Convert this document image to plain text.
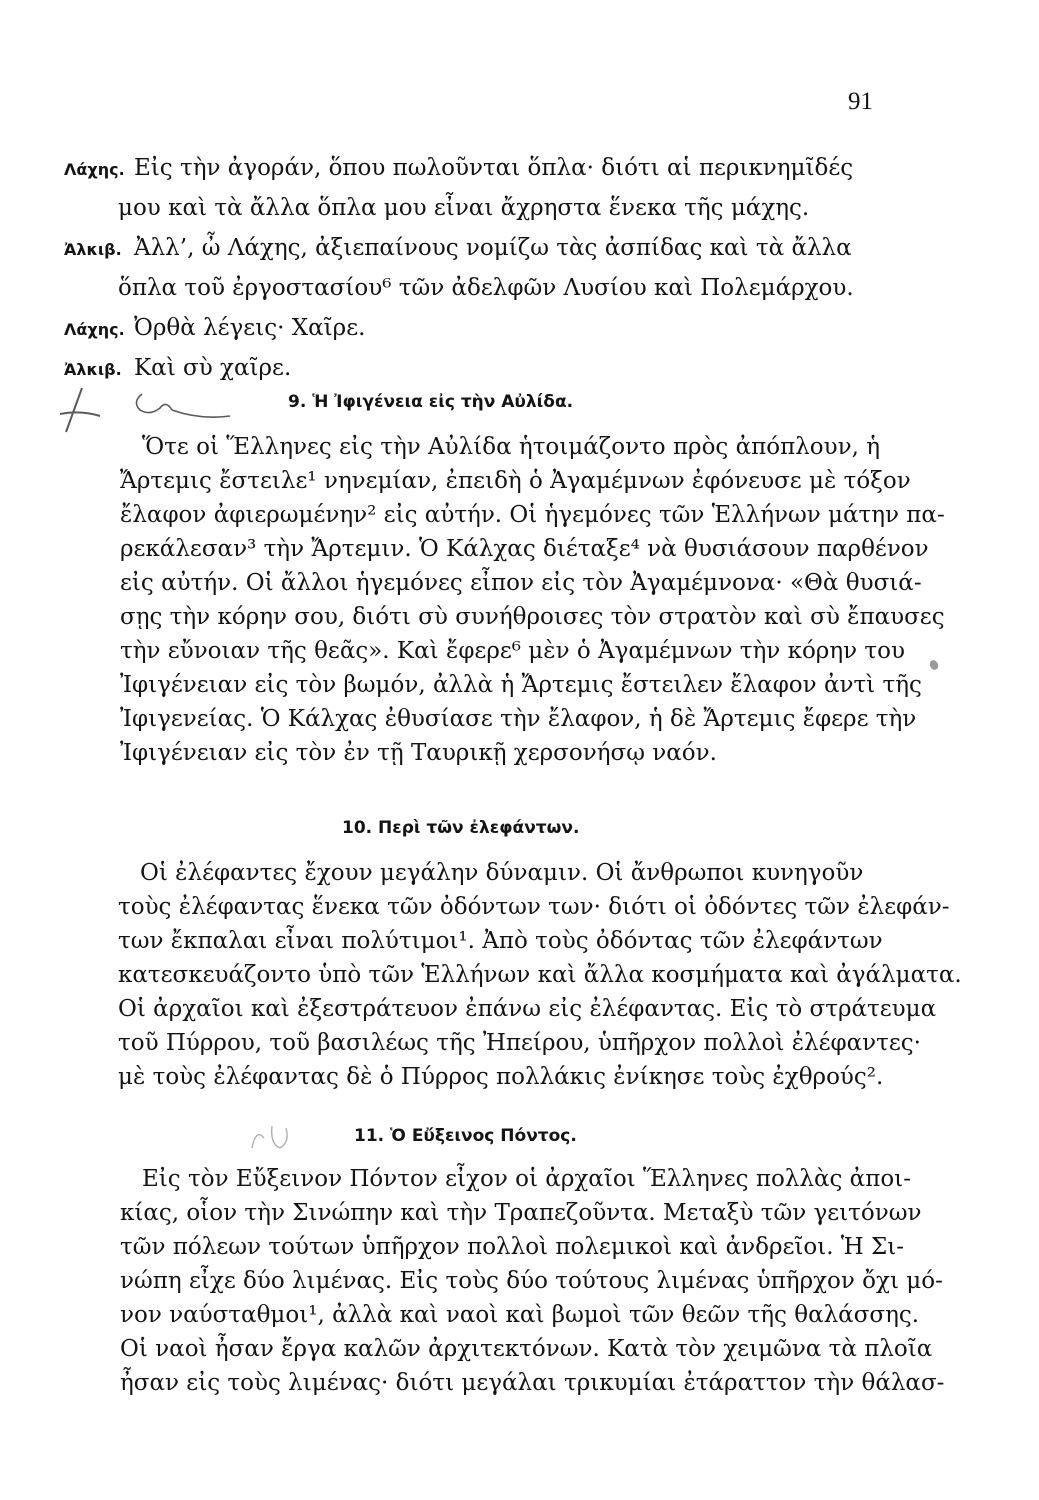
91
Λάχης. Εἰς τὴν ἀγοράν, ὅπου πωλοῦνται ὅπλα· διότι αἱ περικνημῖδές
μου καὶ τὰ ἄλλα ὅπλα μου εἶναι ἄχρηστα ἕνεκα τῆς μάχης.
Ἀλκιβ. Ἀλλ’, ὦ Λάχης, ἀξιεπαίνους νομίζω τὰς ἀσπίδας καὶ τὰ ἄλλα
ὅπλα τοῦ ἐργοστασίου⁶ τῶν ἀδελφῶν Λυσίου καὶ Πολεμάρχου.
Λάχης. Ὀρθὰ λέγεις· Χαῖρε.
Ἀλκιβ. Καὶ σὺ χαῖρε.
9. Ἡ Ἰφιγένεια εἰς τὴν Αὐλίδα.
Ὅτε οἱ Ἕλληνες εἰς τὴν Αὐλίδα ἡτοιμάζοντο πρὸς ἀπόπλουν, ἡ
Ἄρτεμις ἔστειλε¹ νηνεμίαν, ἐπειδὴ ὁ Ἀγαμέμνων ἐφόνευσε μὲ τόξον
ἔλαφον ἀφιερωμένην² εἰς αὐτήν. Οἱ ἡγεμόνες τῶν Ἑλλήνων μάτην πα-
ρεκάλεσαν³ τὴν Ἄρτεμιν. Ὁ Κάλχας διέταξε⁴ νὰ θυσιάσουν παρθένον
εἰς αὐτήν. Οἱ ἄλλοι ἡγεμόνες εἶπον εἰς τὸν Ἀγαμέμνονα· «Θὰ θυσιά-
σῃς τὴν κόρην σου, διότι σὺ συνήθροισες τὸν στρατὸν καὶ σὺ ἔπαυσες
τὴν εὔνοιαν τῆς θεᾶς». Καὶ ἔφερε⁶ μὲν ὁ Ἀγαμέμνων τὴν κόρην του
Ἰφιγένειαν εἰς τὸν βωμόν, ἀλλὰ ἡ Ἄρτεμις ἔστειλεν ἔλαφον ἀντὶ τῆς
Ἰφιγενείας. Ὁ Κάλχας ἐθυσίασε τὴν ἔλαφον, ἡ δὲ Ἄρτεμις ἔφερε τὴν
Ἰφιγένειαν εἰς τὸν ἐν τῇ Ταυρικῇ χερσονήσῳ ναόν.
10. Περὶ τῶν ἐλεφάντων.
Οἱ ἐλέφαντες ἔχουν μεγάλην δύναμιν. Οἱ ἄνθρωποι κυνηγοῦν
τοὺς ἐλέφαντας ἕνεκα τῶν ὀδόντων των· διότι οἱ ὀδόντες τῶν ἐλεφάν-
των ἔκπαλαι εἶναι πολύτιμοι¹. Ἀπὸ τοὺς ὀδόντας τῶν ἐλεφάντων
κατεσκευάζοντο ὑπὸ τῶν Ἑλλήνων καὶ ἄλλα κοσμήματα καὶ ἀγάλματα.
Οἱ ἀρχαῖοι καὶ ἐξεστράτευον ἐπάνω εἰς ἐλέφαντας. Εἰς τὸ στράτευμα
τοῦ Πύρρου, τοῦ βασιλέως τῆς Ἠπείρου, ὑπῆρχον πολλοὶ ἐλέφαντες·
μὲ τοὺς ἐλέφαντας δὲ ὁ Πύρρος πολλάκις ἐνίκησε τοὺς ἐχθρούς².
11. Ὁ Εὔξεινος Πόντος.
Εἰς τὸν Εὔξεινον Πόντον εἶχον οἱ ἀρχαῖοι Ἕλληνες πολλὰς ἀποι-
κίας, οἷον τὴν Σινώπην καὶ τὴν Τραπεζοῦντα. Μεταξὺ τῶν γειτόνων
τῶν πόλεων τούτων ὑπῆρχον πολλοὶ πολεμικοὶ καὶ ἀνδρεῖοι. Ἡ Σι-
νώπη εἶχε δύο λιμένας. Εἰς τοὺς δύο τούτους λιμένας ὑπῆρχον ὄχι μό-
νον ναύσταθμοι¹, ἀλλὰ καὶ ναοὶ καὶ βωμοὶ τῶν θεῶν τῆς θαλάσσης.
Οἱ ναοὶ ἦσαν ἔργα καλῶν ἀρχιτεκτόνων. Κατὰ τὸν χειμῶνα τὰ πλοῖα
ἦσαν εἰς τοὺς λιμένας· διότι μεγάλαι τρικυμίαι ἐτάραττον τὴν θάλασ-
